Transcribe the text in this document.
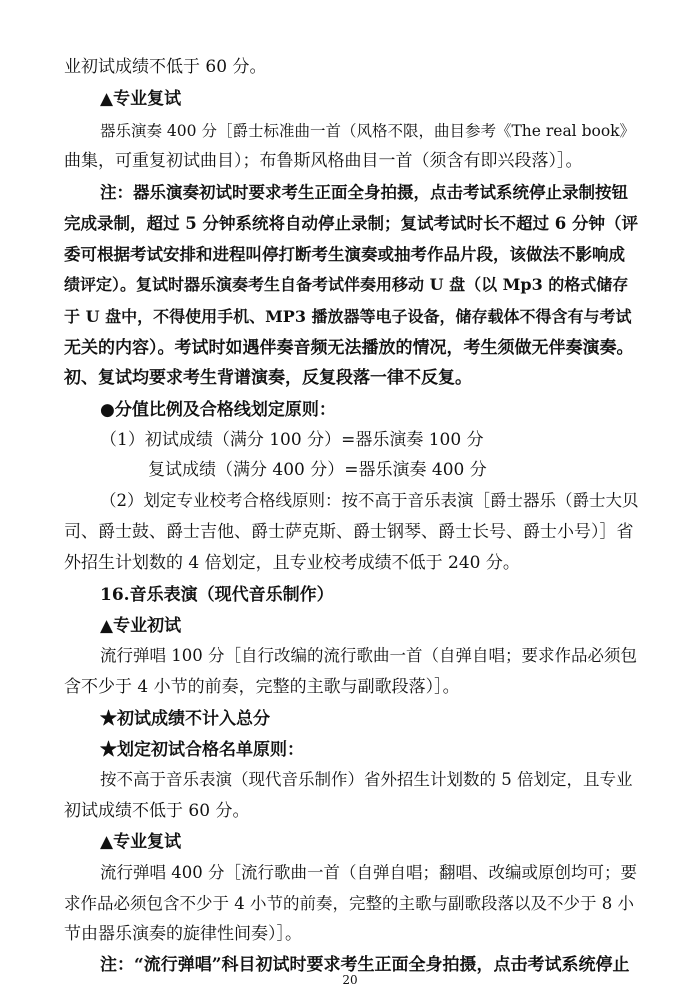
业初试成绩不低于 60 分。
▲专业复试
器乐演奏 400 分［爵士标准曲一首（风格不限，曲目参考《The real book》
曲集，可重复初试曲目）；布鲁斯风格曲目一首（须含有即兴段落）］。
注：器乐演奏初试时要求考生正面全身拍摄，点击考试系统停止录制按钮
完成录制，超过 5 分钟系统将自动停止录制；复试考试时长不超过 6 分钟（评
委可根据考试安排和进程叫停打断考生演奏或抽考作品片段，该做法不影响成
绩评定）。复试时器乐演奏考生自备考试伴奏用移动 U 盘（以 Mp3 的格式储存
于 U 盘中，不得使用手机、MP3 播放器等电子设备，储存载体不得含有与考试
无关的内容）。考试时如遇伴奏音频无法播放的情况，考生须做无伴奏演奏。
初、复试均要求考生背谱演奏，反复段落一律不反复。
●分值比例及合格线划定原则：
（1）初试成绩（满分 100 分）=器乐演奏 100 分
复试成绩（满分 400 分）=器乐演奏 400 分
（2）划定专业校考合格线原则：按不高于音乐表演［爵士器乐（爵士大贝
司、爵士鼓、爵士吉他、爵士萨克斯、爵士钢琴、爵士长号、爵士小号）］省
外招生计划数的 4 倍划定，且专业校考成绩不低于 240 分。
16.音乐表演（现代音乐制作）
▲专业初试
流行弹唱 100 分［自行改编的流行歌曲一首（自弹自唱；要求作品必须包
含不少于 4 小节的前奏，完整的主歌与副歌段落）］。
★初试成绩不计入总分
★划定初试合格名单原则：
按不高于音乐表演（现代音乐制作）省外招生计划数的 5 倍划定，且专业
初试成绩不低于 60 分。
▲专业复试
流行弹唱 400 分［流行歌曲一首（自弹自唱；翻唱、改编或原创均可；要
求作品必须包含不少于 4 小节的前奏，完整的主歌与副歌段落以及不少于 8 小
节由器乐演奏的旋律性间奏）］。
注：“流行弹唱”科目初试时要求考生正面全身拍摄，点击考试系统停止
20
